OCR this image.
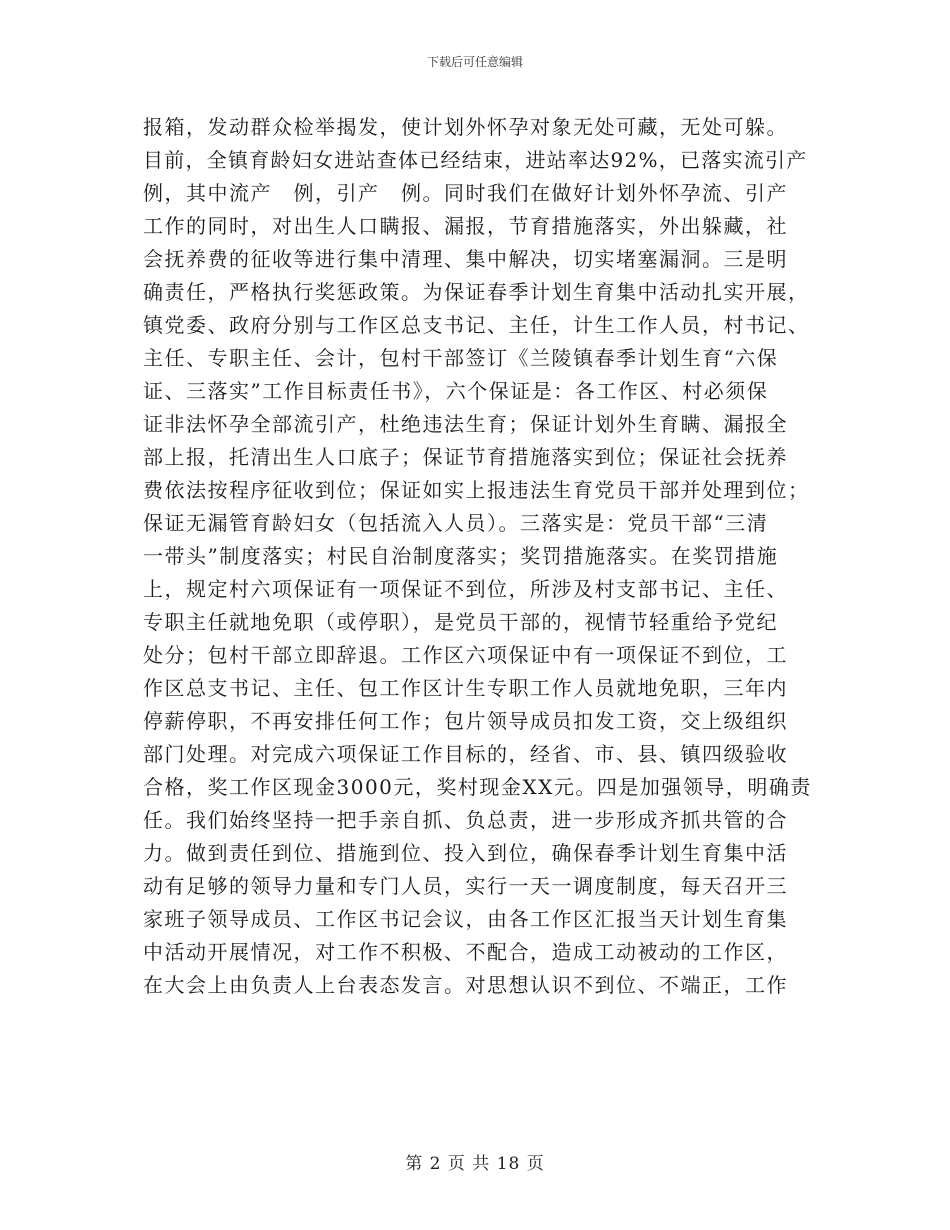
下载后可任意编辑
报箱，发动群众检举揭发，使计划外怀孕对象无处可藏，无处可躲。
目前，全镇育龄妇女进站查体已经结束，进站率达92%，已落实流引产
例，其中流产　例，引产　例。同时我们在做好计划外怀孕流、引产
工作的同时，对出生人口瞒报、漏报，节育措施落实，外出躲藏，社
会抚养费的征收等进行集中清理、集中解决，切实堵塞漏洞。三是明
确责任，严格执行奖惩政策。为保证春季计划生育集中活动扎实开展，
镇党委、政府分别与工作区总支书记、主任，计生工作人员，村书记、
主任、专职主任、会计，包村干部签订《兰陵镇春季计划生育“六保
证、三落实”工作目标责任书》，六个保证是：各工作区、村必须保
证非法怀孕全部流引产，杜绝违法生育；保证计划外生育瞒、漏报全
部上报，托清出生人口底子；保证节育措施落实到位；保证社会抚养
费依法按程序征收到位；保证如实上报违法生育党员干部并处理到位；
保证无漏管育龄妇女（包括流入人员）。三落实是：党员干部“三清
一带头”制度落实；村民自治制度落实；奖罚措施落实。在奖罚措施
上，规定村六项保证有一项保证不到位，所涉及村支部书记、主任、
专职主任就地免职（或停职），是党员干部的，视情节轻重给予党纪
处分；包村干部立即辞退。工作区六项保证中有一项保证不到位，工
作区总支书记、主任、包工作区计生专职工作人员就地免职，三年内
停薪停职，不再安排任何工作；包片领导成员扣发工资，交上级组织
部门处理。对完成六项保证工作目标的，经省、市、县、镇四级验收
合格，奖工作区现金3000元，奖村现金XX元。四是加强领导，明确责
任。我们始终坚持一把手亲自抓、负总责，进一步形成齐抓共管的合
力。做到责任到位、措施到位、投入到位，确保春季计划生育集中活
动有足够的领导力量和专门人员，实行一天一调度制度，每天召开三
家班子领导成员、工作区书记会议，由各工作区汇报当天计划生育集
中活动开展情况，对工作不积极、不配合，造成工动被动的工作区，
在大会上由负责人上台表态发言。对思想认识不到位、不端正，工作
第 2 页 共 18 页
